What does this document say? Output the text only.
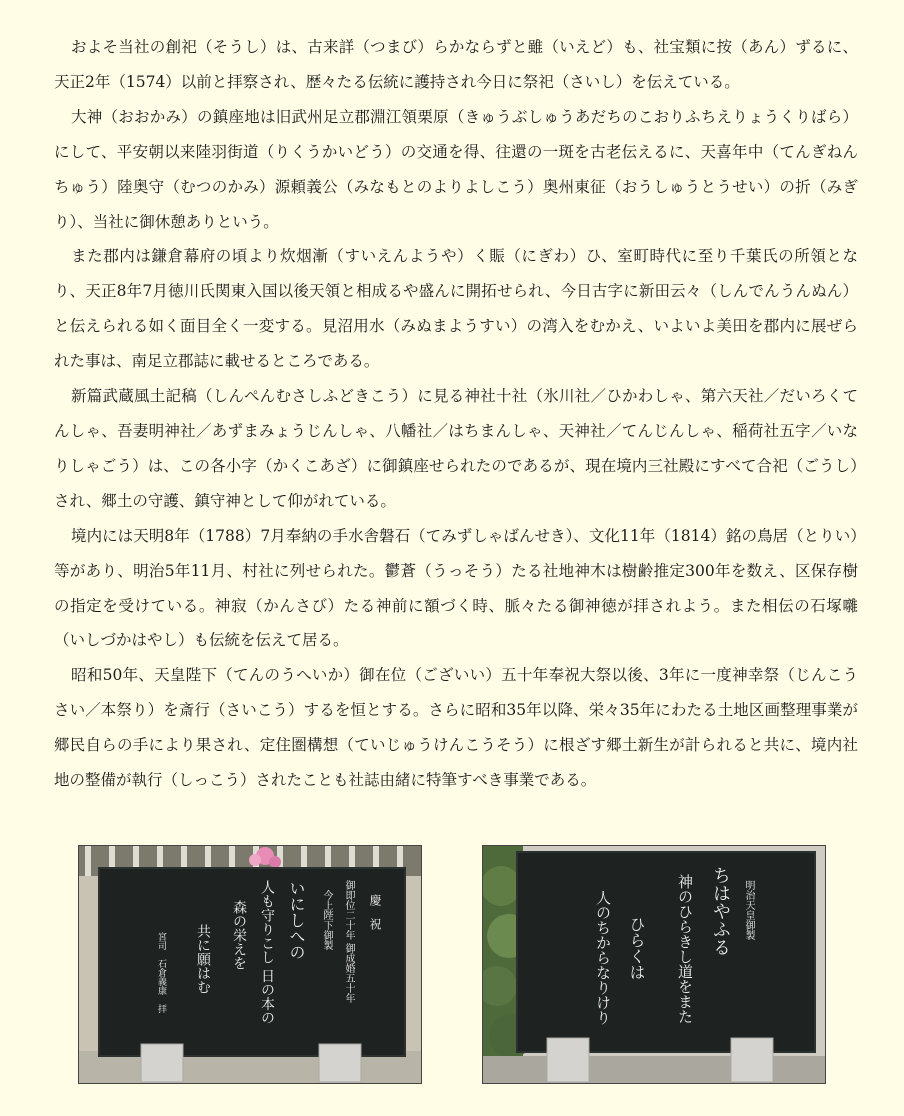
およそ当社の創祀（そうし）は、古来詳（つまび）らかならずと雖（いえど）も、社宝類に按（あん）ずるに、天正2年（1574）以前と拝察され、歴々たる伝統に護持され今日に祭祀（さいし）を伝えている。

大神（おおかみ）の鎮座地は旧武州足立郡淵江領栗原（きゅうぶしゅうあだちのこおりふちえりょうくりばら）にして、平安朝以来陸羽街道（りくうかいどう）の交通を得、往還の一斑を古老伝えるに、天喜年中（てんぎねんちゅう）陸奥守（むつのかみ）源頼義公（みなもとのよりよしこう）奥州東征（おうしゅうとうせい）の折（みぎり）、当社に御休憩ありという。

また郡内は鎌倉幕府の頃より炊烟漸（すいえんようや）く賑（にぎわ）ひ、室町時代に至り千葉氏の所領となり、天正8年7月徳川氏関東入国以後天領と相成るや盛んに開拓せられ、今日古字に新田云々（しんでんうんぬん）と伝えられる如く面目全く一変する。見沼用水（みぬまようすい）の湾入をむかえ、いよいよ美田を郡内に展ぜられた事は、南足立郡誌に載せるところである。

新篇武蔵風土記稿（しんぺんむさしふどきこう）に見る神社十社（氷川社／ひかわしゃ、第六天社／だいろくてんしゃ、吾妻明神社／あずまみょうじんしゃ、八幡社／はちまんしゃ、天神社／てんじんしゃ、稲荷社五字／いなりしゃごう）は、この各小字（かくこあざ）に御鎮座せられたのであるが、現在境内三社殿にすべて合祀（ごうし）され、郷土の守護、鎮守神として仰がれている。

境内には天明8年（1788）7月奉納の手水舎磐石（てみずしゃばんせき）、文化11年（1814）銘の鳥居（とりい）等があり、明治5年11月、村社に列せられた。鬱蒼（うっそう）たる社地神木は樹齢推定300年を数え、区保存樹の指定を受けている。神寂（かんさび）たる神前に額づく時、脈々たる御神徳が拝されよう。また相伝の石塚囃（いしづかはやし）も伝統を伝えて居る。

昭和50年、天皇陛下（てんのうへいか）御在位（ございい）五十年奉祝大祭以後、3年に一度神幸祭（じんこうさい／本祭り）を斎行（さいこう）するを恒とする。さらに昭和35年以降、栄々35年にわたる土地区画整理事業が郷民自らの手により果され、定住圏構想（ていじゅうけんこうそう）に根ざす郷土新生が計られると共に、境内社地の整備が執行（しっこう）されたことも社誌由緒に特筆すべき事業である。

慶　祝
御即位二十年 御成婚五十年
今上陛下御製
いにしへの
人も守りこし 日の本の
森の栄えを
共に願はむ
宮司　石倉義康　拝
明治天皇御製
ちはやふる
神のひらきし道をまた
ひらくは
人のちからなりけり
